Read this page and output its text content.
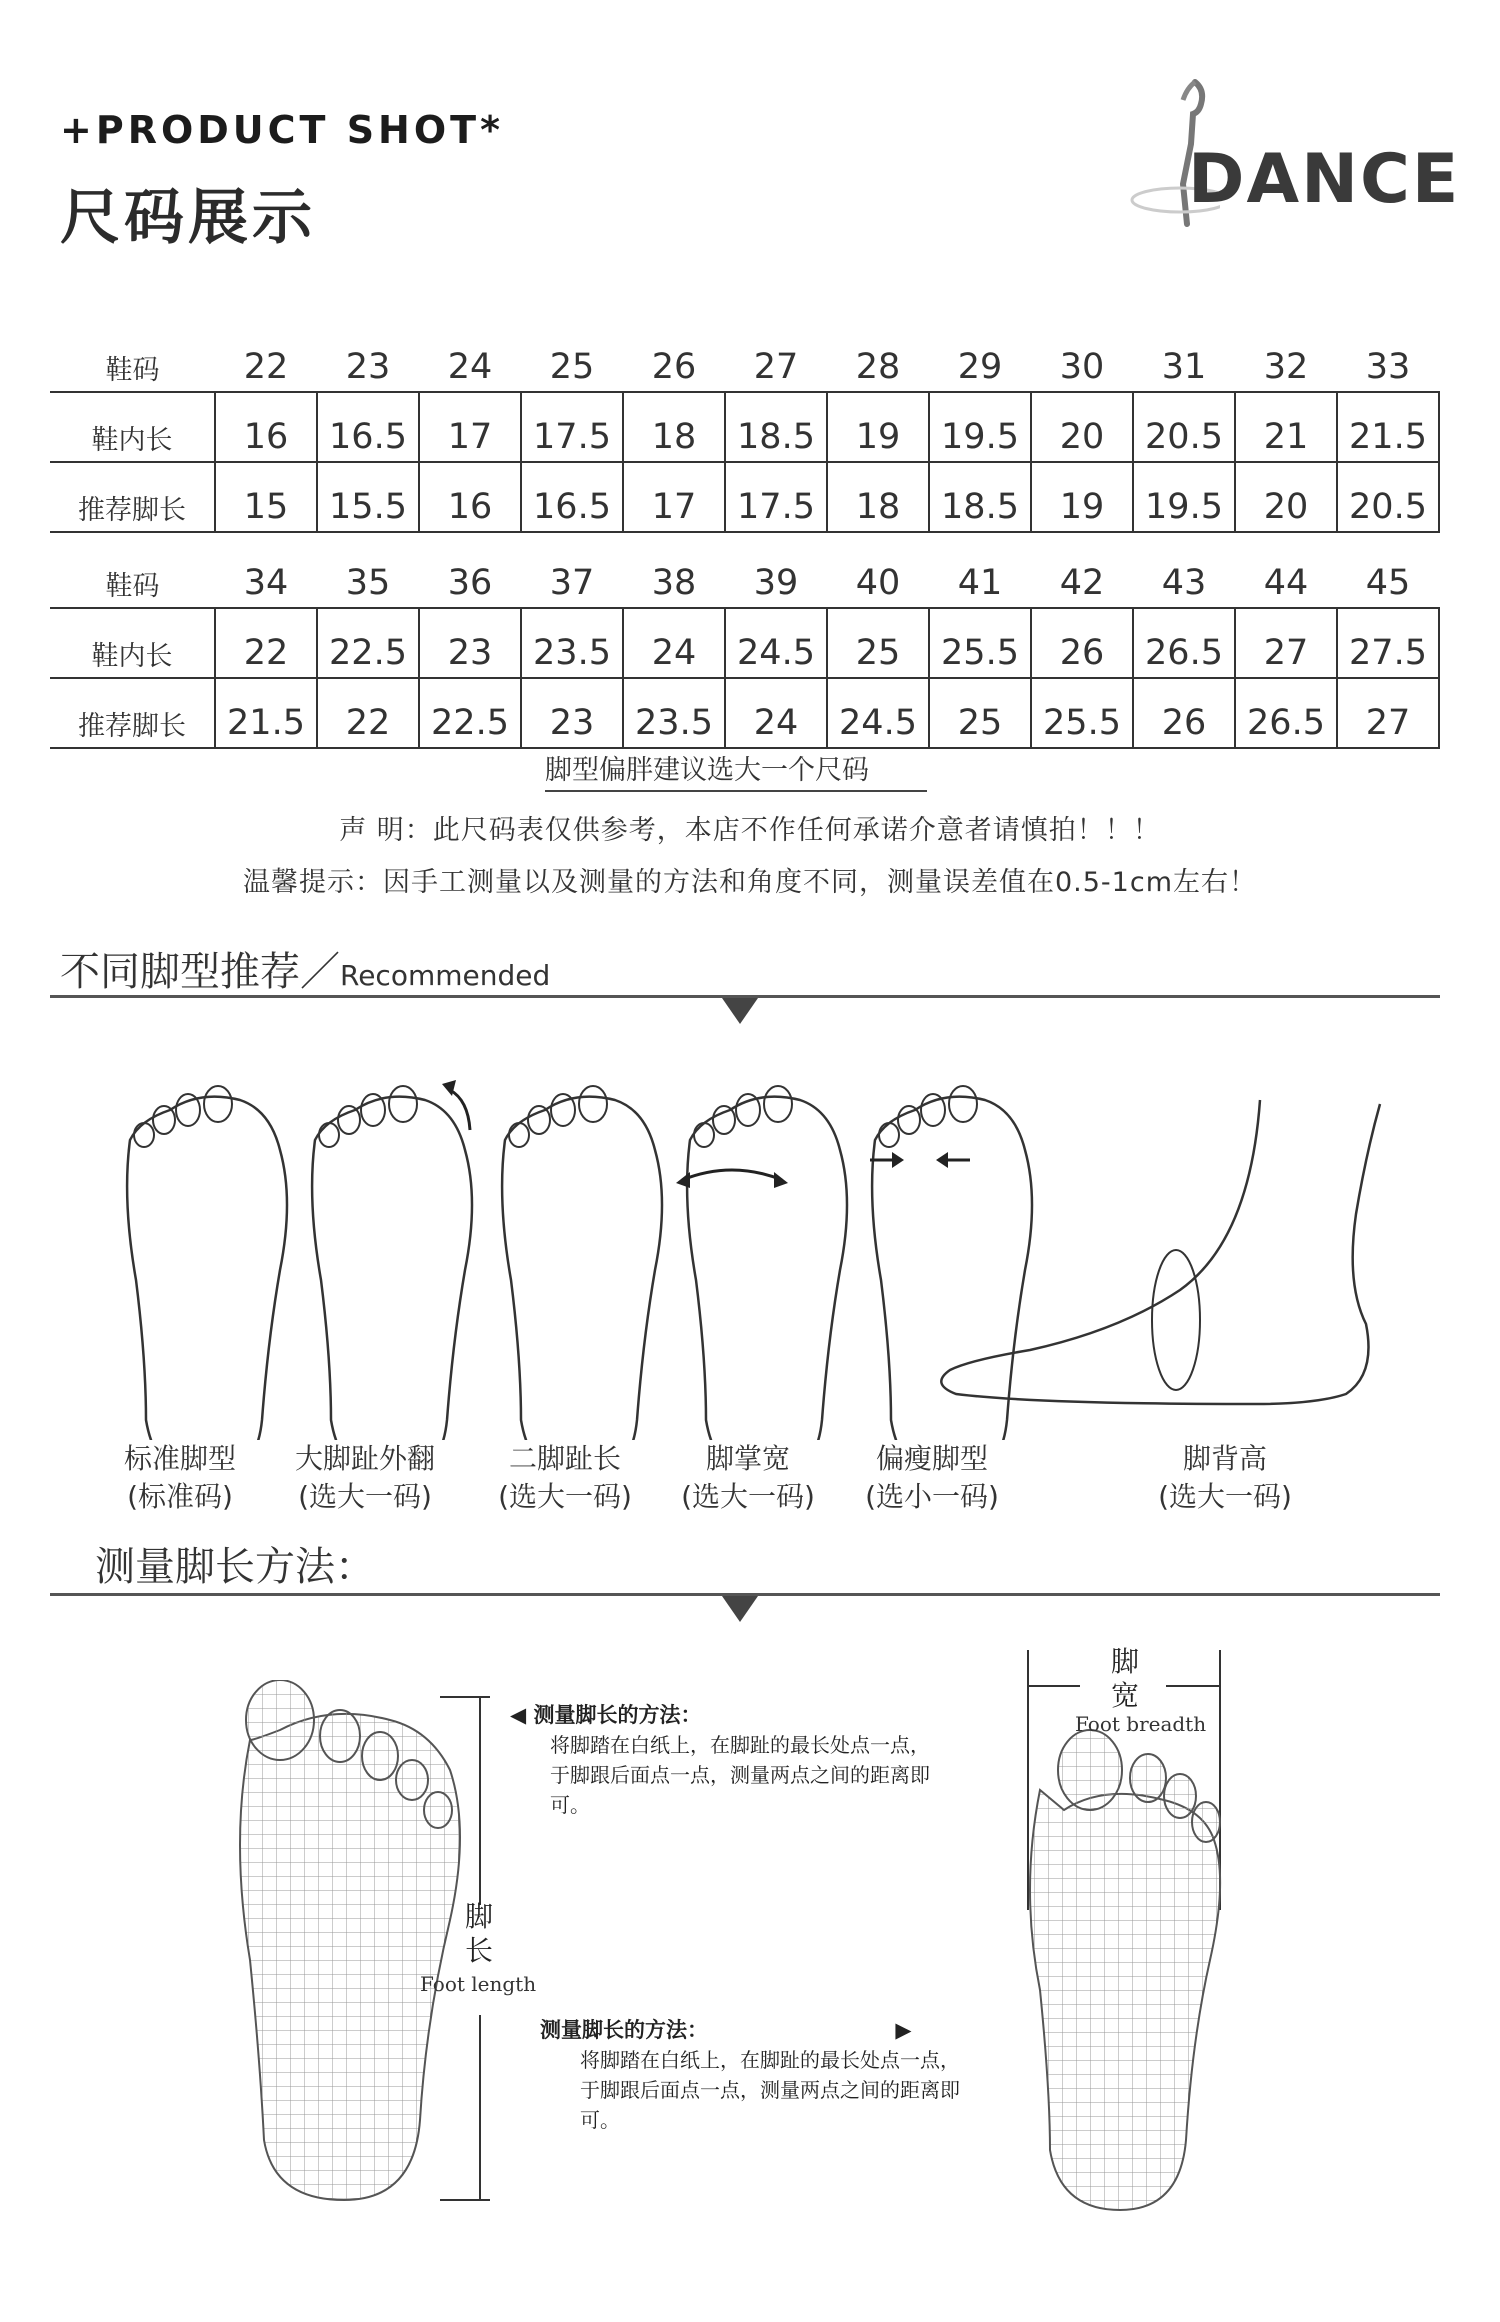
+PRODUCT SHOT*
尺码展示	DANCE
鞋码	22	23	24	25	26	27	28	29	30	31	32	33
鞋内长	16	16.5	17	17.5	18	18.5	19	19.5	20	20.5	21	21.5
推荐脚长	15	15.5	16	16.5	17	17.5	18	18.5	19	19.5	20	20.5
鞋码	34	35	36	37	38	39	40	41	42	43	44	45
鞋内长	22	22.5	23	23.5	24	24.5	25	25.5	26	26.5	27	27.5
推荐脚长	21.5	22	22.5	23	23.5	24	24.5	25	25.5	26	26.5	27
脚型偏胖建议选大一个尺码
声 明：此尺码表仅供参考，本店不作任何承诺介意者请慎拍！！！
温馨提示：因手工测量以及测量的方法和角度不同，测量误差值在0.5-1cm左右！
不同脚型推荐／Recommended
标准脚型
(标准码)
大脚趾外翻
(选大一码)
二脚趾长
(选大一码)
脚掌宽
(选大一码)
偏瘦脚型
(选小一码)
脚背高
(选大一码)
测量脚长方法：
脚长
Foot length
◀ 测量脚长的方法：
将脚踏在白纸上，在脚趾的最长处点一点，于脚跟后面点一点，测量两点之间的距离即可。
测量脚长的方法：	▶
将脚踏在白纸上，在脚趾的最长处点一点，于脚跟后面点一点，测量两点之间的距离即可。
脚宽
Foot breadth
